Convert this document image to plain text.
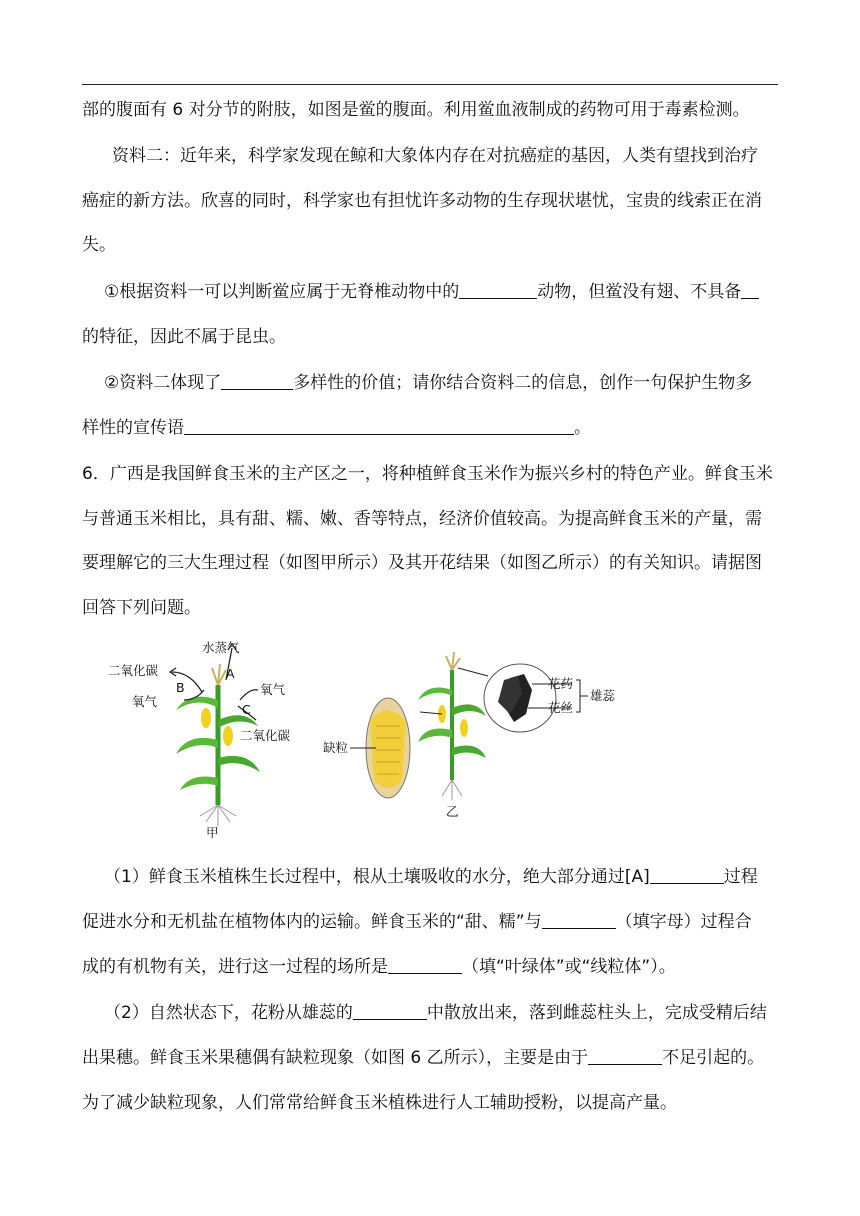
部的腹面有 6 对分节的附肢，如图是鲎的腹面。利用鲎血液制成的药物可用于毒素检测。
资料二：近年来，科学家发现在鲸和大象体内存在对抗癌症的基因，人类有望找到治疗
癌症的新方法。欣喜的同时，科学家也有担忧许多动物的生存现状堪忧，宝贵的线索正在消
失。
①根据资料一可以判断鲎应属于无脊椎动物中的	动物，但鲎没有翅、不具备
的特征，因此不属于昆虫。
②资料二体现了	多样性的价值；请你结合资料二的信息，创作一句保护生物多
样性的宣传语	。
6．广西是我国鲜食玉米的主产区之一，将种植鲜食玉米作为振兴乡村的特色产业。鲜食玉米
与普通玉米相比，具有甜、糯、嫩、香等特点，经济价值较高。为提高鲜食玉米的产量，需
要理解它的三大生理过程（如图甲所示）及其开花结果（如图乙所示）的有关知识。请据图
回答下列问题。
水蒸气
A
二氧化碳
B
氧气
氧气
C
二氧化碳
甲
缺粒
花药
花丝
雄蕊
乙
（1）鲜食玉米植株生长过程中，根从土壤吸收的水分，绝大部分通过[A]	过程
促进水分和无机盐在植物体内的运输。鲜食玉米的“甜、糯”与	（填字母）过程合
成的有机物有关，进行这一过程的场所是	（填“叶绿体”或“线粒体”）。
（2）自然状态下，花粉从雄蕊的	中散放出来，落到雌蕊柱头上，完成受精后结
出果穗。鲜食玉米果穗偶有缺粒现象（如图 6 乙所示），主要是由于	不足引起的。
为了减少缺粒现象，人们常常给鲜食玉米植株进行人工辅助授粉，以提高产量。
